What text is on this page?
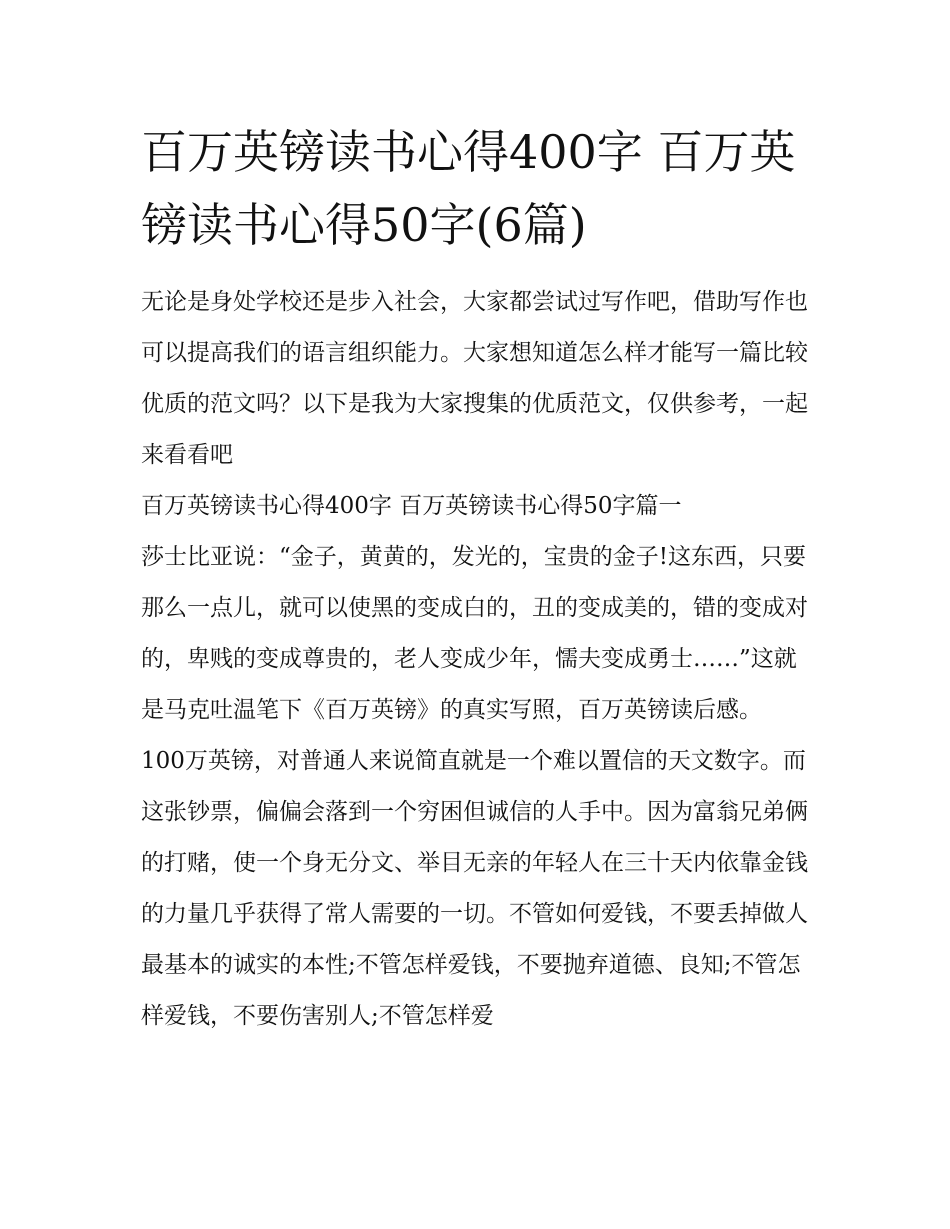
百万英镑读书心得400字 百万英镑读书心得50字(6篇)

无论是身处学校还是步入社会，大家都尝试过写作吧，借助写作也可以提高我们的语言组织能力。大家想知道怎么样才能写一篇比较优质的范文吗？以下是我为大家搜集的优质范文，仅供参考，一起来看看吧

百万英镑读书心得400字 百万英镑读书心得50字篇一

莎士比亚说：“金子，黄黄的，发光的，宝贵的金子!这东西，只要那么一点儿，就可以使黑的变成白的，丑的变成美的，错的变成对的，卑贱的变成尊贵的，老人变成少年，懦夫变成勇士……”这就是马克吐温笔下《百万英镑》的真实写照，百万英镑读后感。

100万英镑，对普通人来说简直就是一个难以置信的天文数字。而这张钞票，偏偏会落到一个穷困但诚信的人手中。因为富翁兄弟俩的打赌，使一个身无分文、举目无亲的年轻人在三十天内依靠金钱的力量几乎获得了常人需要的一切。不管如何爱钱，不要丢掉做人最基本的诚实的本性;不管怎样爱钱，不要抛弃道德、良知;不管怎样爱钱，不要伤害别人;不管怎样爱
